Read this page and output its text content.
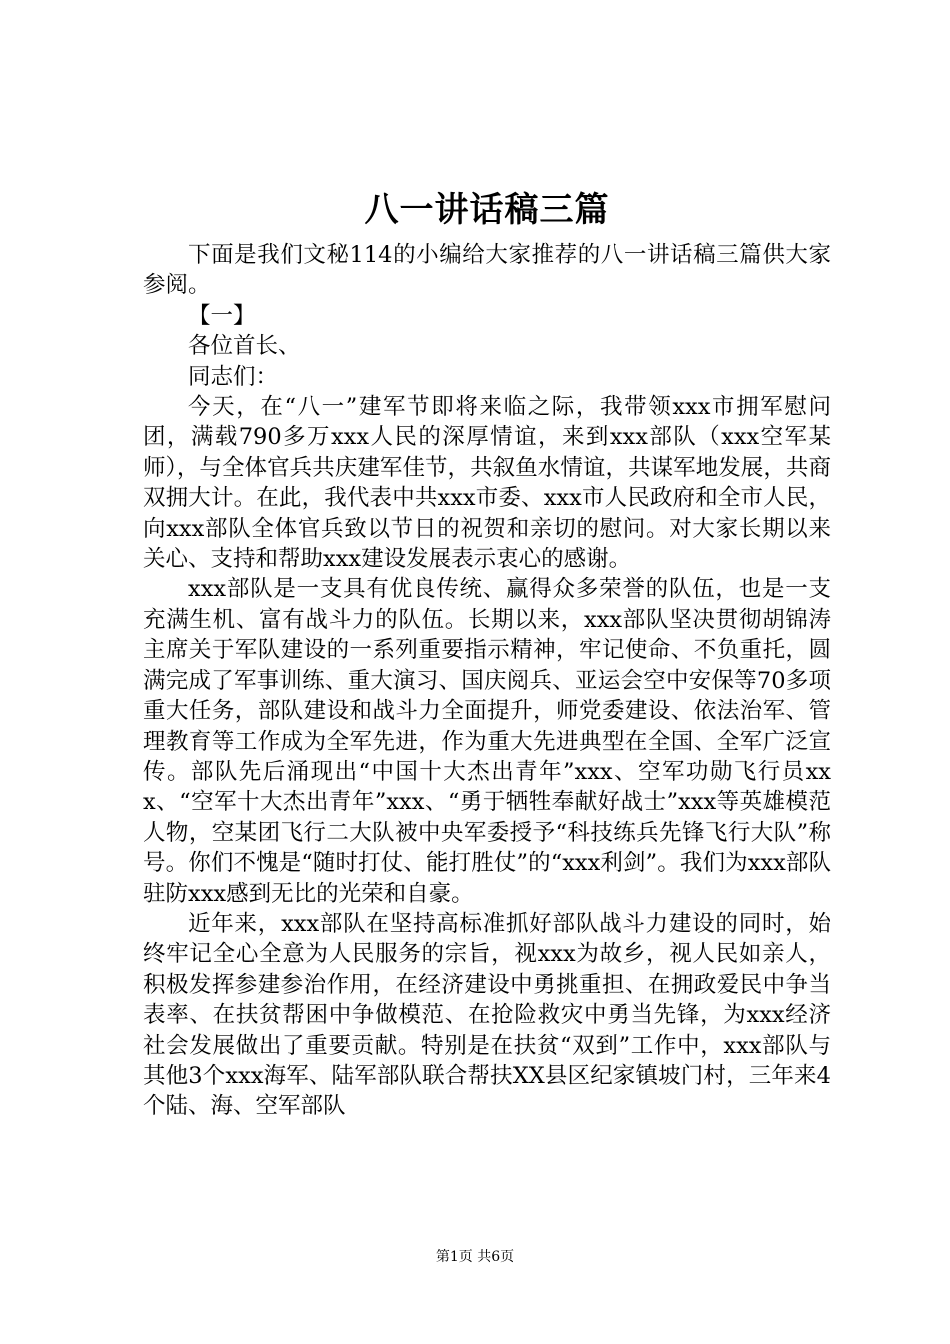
八一讲话稿三篇

下面是我们文秘114的小编给大家推荐的八一讲话稿三篇供大家参阅。

【一】

各位首长、

同志们：

今天，在“八一”建军节即将来临之际，我带领xxx市拥军慰问团，满载790多万xxx人民的深厚情谊，来到xxx部队（xxx空军某师），与全体官兵共庆建军佳节，共叙鱼水情谊，共谋军地发展，共商双拥大计。在此，我代表中共xxx市委、xxx市人民政府和全市人民，向xxx部队全体官兵致以节日的祝贺和亲切的慰问。对大家长期以来关心、支持和帮助xxx建设发展表示衷心的感谢。

xxx部队是一支具有优良传统、赢得众多荣誉的队伍，也是一支充满生机、富有战斗力的队伍。长期以来，xxx部队坚决贯彻胡锦涛主席关于军队建设的一系列重要指示精神，牢记使命、不负重托，圆满完成了军事训练、重大演习、国庆阅兵、亚运会空中安保等70多项重大任务，部队建设和战斗力全面提升，师党委建设、依法治军、管理教育等工作成为全军先进，作为重大先进典型在全国、全军广泛宣传。部队先后涌现出“中国十大杰出青年”xxx、空军功勋飞行员xxx、“空军十大杰出青年”xxx、“勇于牺牲奉献好战士”xxx等英雄模范人物，空某团飞行二大队被中央军委授予“科技练兵先锋飞行大队”称号。你们不愧是“随时打仗、能打胜仗”的“xxx利剑”。我们为xxx部队驻防xxx感到无比的光荣和自豪。

近年来，xxx部队在坚持高标准抓好部队战斗力建设的同时，始终牢记全心全意为人民服务的宗旨，视xxx为故乡，视人民如亲人，积极发挥参建参治作用，在经济建设中勇挑重担、在拥政爱民中争当表率、在扶贫帮困中争做模范、在抢险救灾中勇当先锋，为xxx经济社会发展做出了重要贡献。特别是在扶贫“双到”工作中，xxx部队与其他3个xxx海军、陆军部队联合帮扶XX县区纪家镇坡门村，三年来4个陆、海、空军部队

第1页 共6页
